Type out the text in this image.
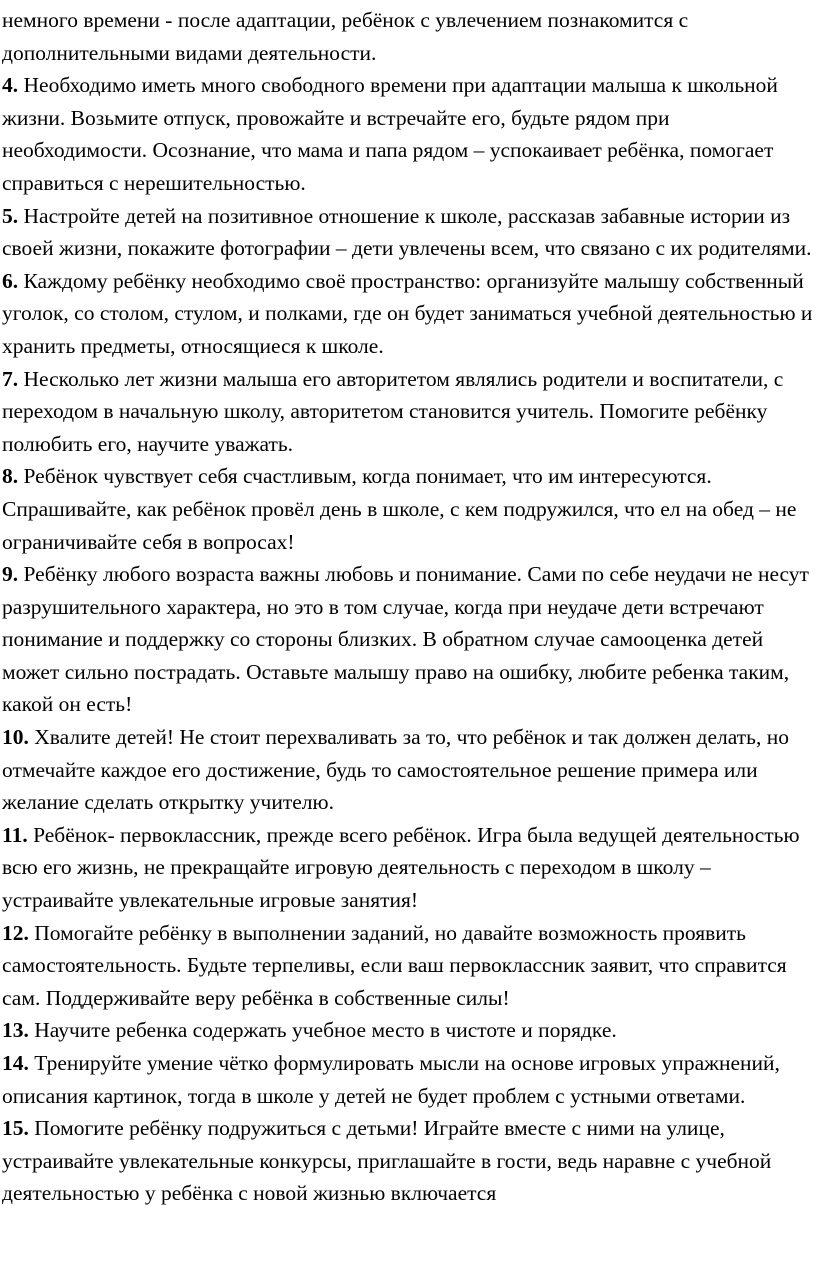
немного времени - после адаптации, ребёнок с увлечением познакомится с дополнительными видами деятельности.

4. Необходимо иметь много свободного времени при адаптации малыша к школьной жизни. Возьмите отпуск, провожайте и встречайте его, будьте рядом при необходимости. Осознание, что мама и папа рядом – успокаивает ребёнка, помогает справиться с нерешительностью.

5. Настройте детей на позитивное отношение к школе, рассказав забавные истории из своей жизни, покажите фотографии – дети увлечены всем, что связано с их родителями.

6. Каждому ребёнку необходимо своё пространство: организуйте малышу собственный уголок, со столом, стулом, и полками, где он будет заниматься учебной деятельностью и хранить предметы, относящиеся к школе.

7. Несколько лет жизни малыша его авторитетом являлись родители и воспитатели, с переходом в начальную школу, авторитетом становится учитель. Помогите ребёнку полюбить его, научите уважать.

8. Ребёнок чувствует себя счастливым, когда понимает, что им интересуются. Спрашивайте, как ребёнок провёл день в школе, с кем подружился, что ел на обед – не ограничивайте себя в вопросах!

9. Ребёнку любого возраста важны любовь и понимание. Сами по себе неудачи не несут разрушительного характера, но это в том случае, когда при неудаче дети встречают понимание и поддержку со стороны близких. В обратном случае самооценка детей может сильно пострадать. Оставьте малышу право на ошибку, любите ребенка таким, какой он есть!

10. Хвалите детей! Не стоит перехваливать за то, что ребёнок и так должен делать, но отмечайте каждое его достижение, будь то самостоятельное решение примера или желание сделать открытку учителю.

11. Ребёнок- первоклассник, прежде всего ребёнок. Игра была ведущей деятельностью всю его жизнь, не прекращайте игровую деятельность с переходом в школу – устраивайте увлекательные игровые занятия!

12. Помогайте ребёнку в выполнении заданий, но давайте возможность проявить самостоятельность. Будьте терпеливы, если ваш первоклассник заявит, что справится сам. Поддерживайте веру ребёнка в собственные силы!

13. Научите ребенка содержать учебное место в чистоте и порядке.

14. Тренируйте умение чётко формулировать мысли на основе игровых упражнений, описания картинок, тогда в школе у детей не будет проблем с устными ответами.

15. Помогите ребёнку подружиться с детьми! Играйте вместе с ними на улице, устраивайте увлекательные конкурсы, приглашайте в гости, ведь наравне с учебной деятельностью у ребёнка с новой жизнью включается
